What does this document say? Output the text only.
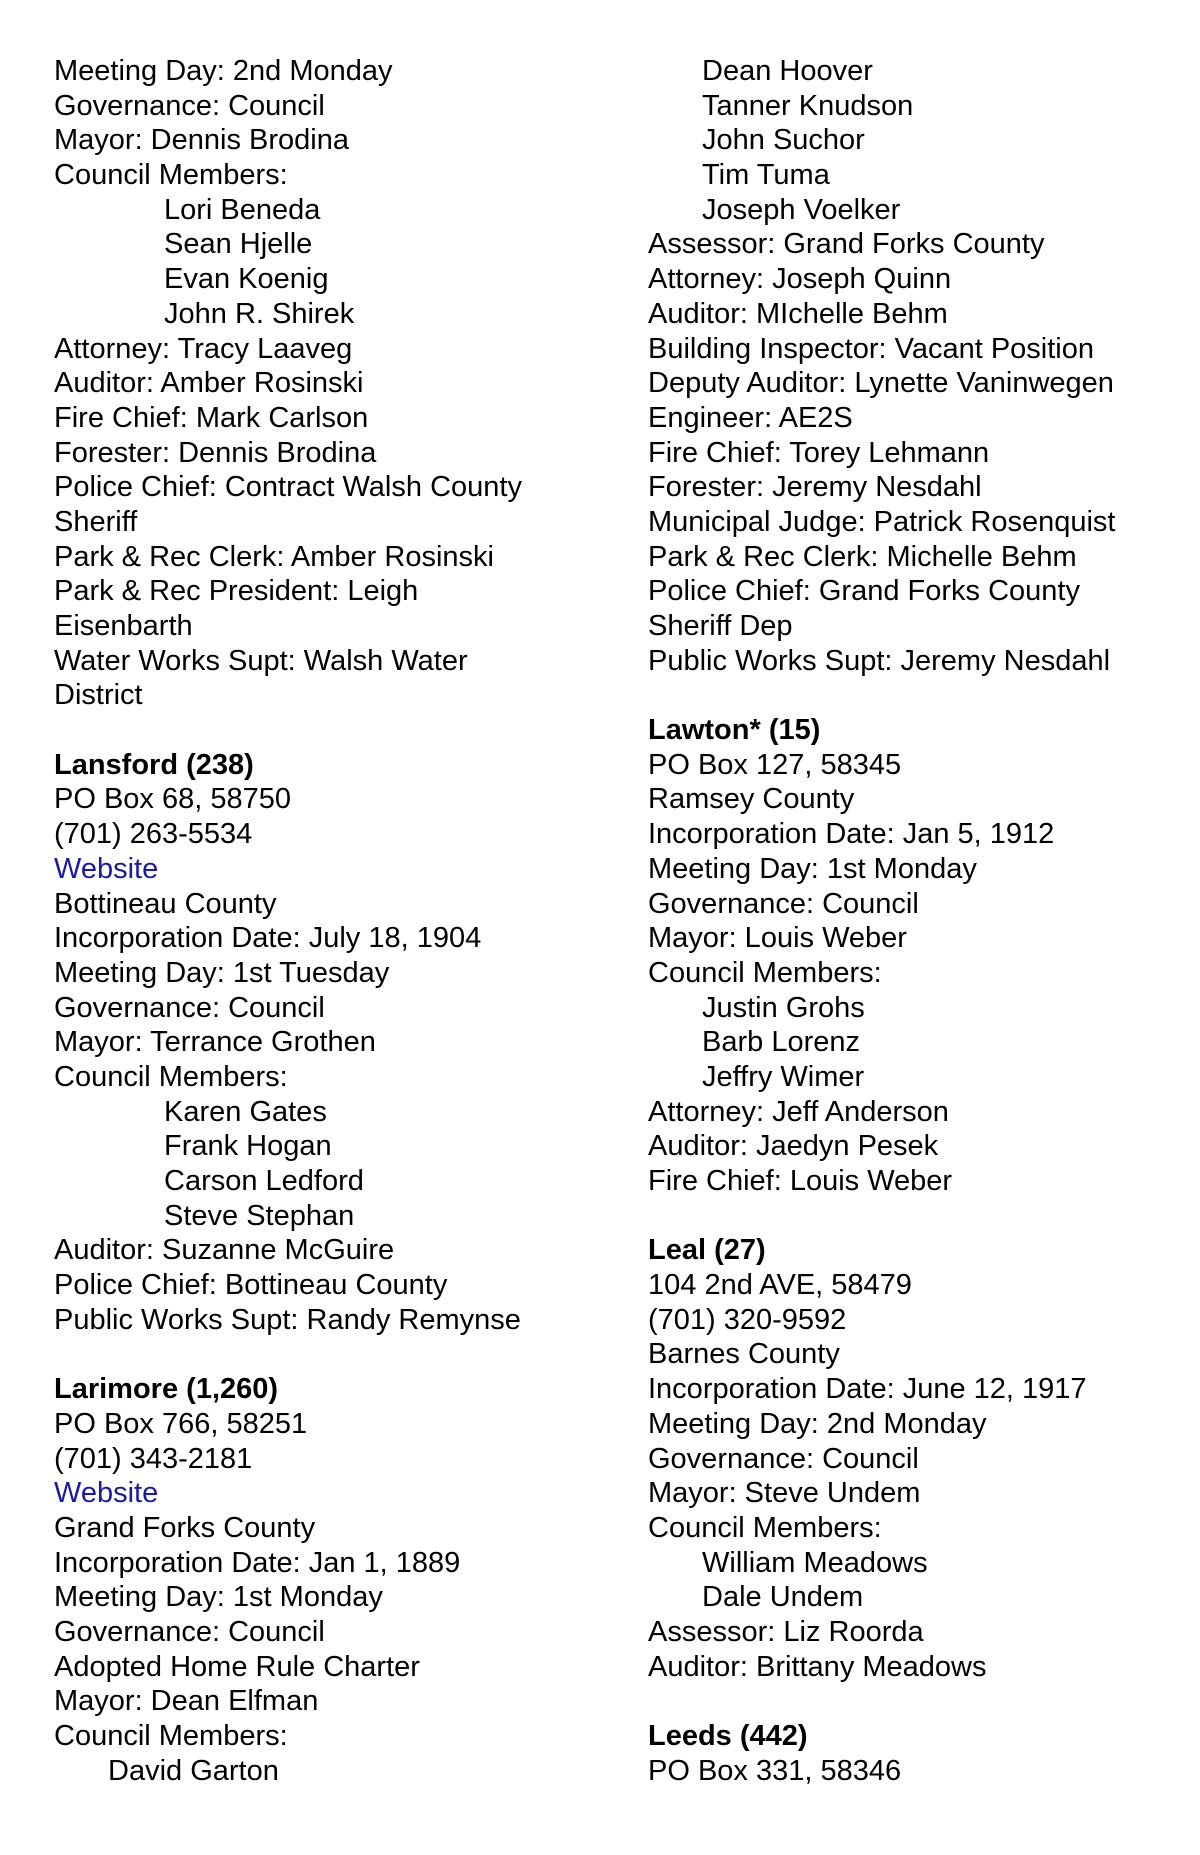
Meeting Day: 2nd Monday
Governance: Council
Mayor: Dennis Brodina
Council Members:
Lori Beneda
Sean Hjelle
Evan Koenig
John R. Shirek
Attorney: Tracy Laaveg
Auditor: Amber Rosinski
Fire Chief: Mark Carlson
Forester: Dennis Brodina
Police Chief: Contract Walsh County
Sheriff
Park & Rec Clerk: Amber Rosinski
Park & Rec President: Leigh
Eisenbarth
Water Works Supt: Walsh Water
District
Lansford (238)
PO Box 68, 58750
(701) 263-5534
Website
Bottineau County
Incorporation Date: July 18, 1904
Meeting Day: 1st Tuesday
Governance: Council
Mayor: Terrance Grothen
Council Members:
Karen Gates
Frank Hogan
Carson Ledford
Steve Stephan
Auditor: Suzanne McGuire
Police Chief: Bottineau County
Public Works Supt: Randy Remynse
Larimore (1,260)
PO Box 766, 58251
(701) 343-2181
Website
Grand Forks County
Incorporation Date: Jan 1, 1889
Meeting Day: 1st Monday
Governance: Council
Adopted Home Rule Charter
Mayor: Dean Elfman
Council Members:
David Garton
Dean Hoover
Tanner Knudson
John Suchor
Tim Tuma
Joseph Voelker
Assessor: Grand Forks County
Attorney: Joseph Quinn
Auditor: MIchelle Behm
Building Inspector: Vacant Position
Deputy Auditor: Lynette Vaninwegen
Engineer: AE2S
Fire Chief: Torey Lehmann
Forester: Jeremy Nesdahl
Municipal Judge: Patrick Rosenquist
Park & Rec Clerk: Michelle Behm
Police Chief: Grand Forks County
Sheriff Dep
Public Works Supt: Jeremy Nesdahl
Lawton* (15)
PO Box 127, 58345
Ramsey County
Incorporation Date: Jan 5, 1912
Meeting Day: 1st Monday
Governance: Council
Mayor: Louis Weber
Council Members:
Justin Grohs
Barb Lorenz
Jeffry Wimer
Attorney: Jeff Anderson
Auditor: Jaedyn Pesek
Fire Chief: Louis Weber
Leal (27)
104 2nd AVE, 58479
(701) 320-9592
Barnes County
Incorporation Date: June 12, 1917
Meeting Day: 2nd Monday
Governance: Council
Mayor: Steve Undem
Council Members:
William Meadows
Dale Undem
Assessor: Liz Roorda
Auditor: Brittany Meadows
Leeds (442)
PO Box 331, 58346
